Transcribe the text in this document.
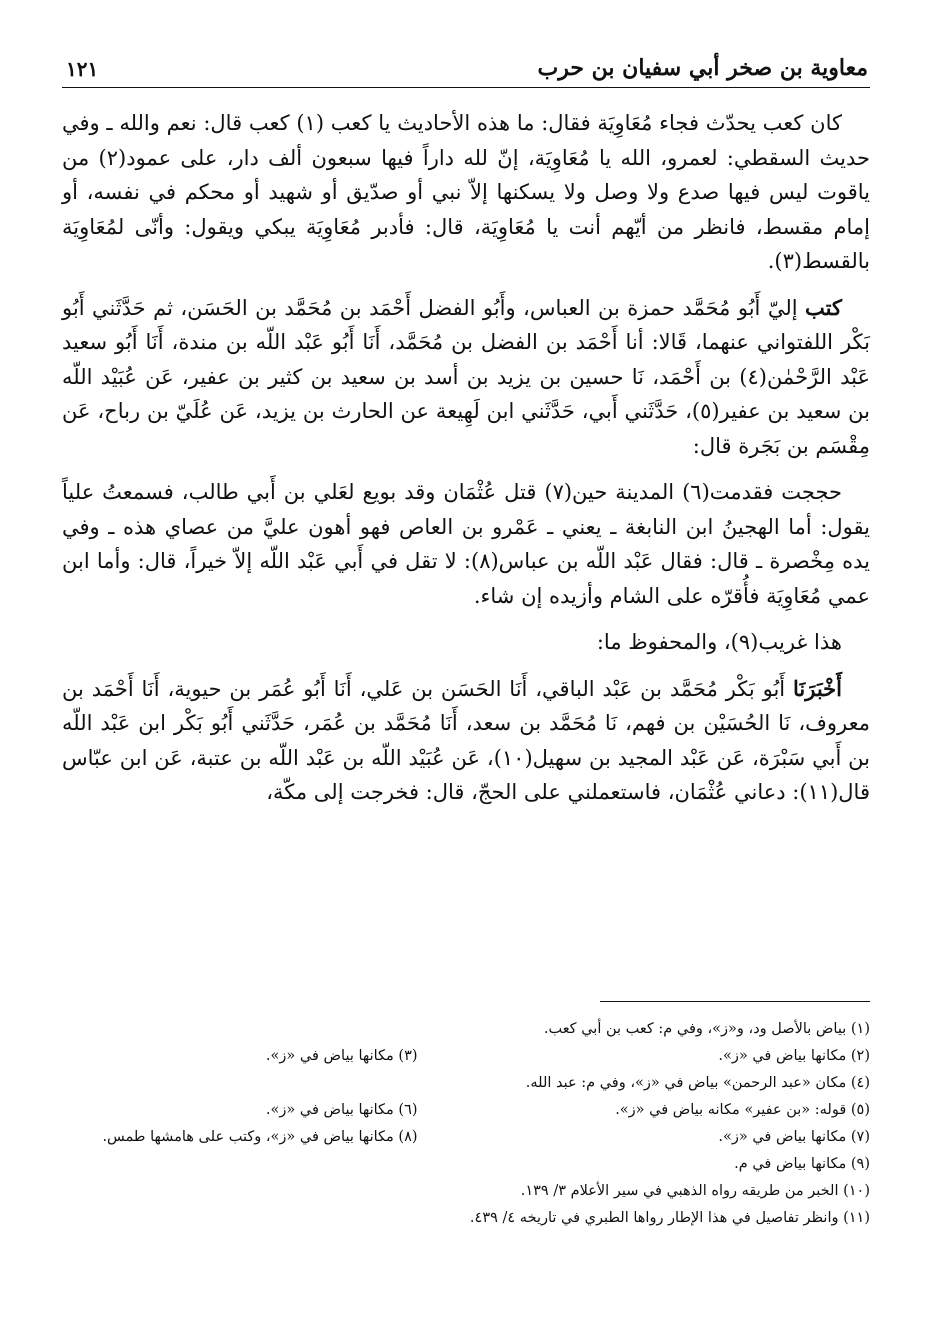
معاوية بن صخر أبي سفيان بن حرب
١٢١

كان كعب يحدّث فجاء مُعَاوِيَة فقال: ما هذه الأحاديث يا كعب (١) كعب قال: نعم والله ـ وفي حديث السقطي: لعمرو، الله يا مُعَاوِيَة، إنّ لله داراً فيها سبعون ألف دار، على عمود(٢) من ياقوت ليس فيها صدع ولا وصل ولا يسكنها إلاّ نبي أو صدّيق أو شهيد أو محكم في نفسه، أو إمام مقسط، فانظر من أيّهم أنت يا مُعَاوِيَة، قال: فأدبر مُعَاوِيَة يبكي ويقول: وأنّى لمُعَاوِيَة بالقسط(٣).

كتب إليّ أَبُو مُحَمَّد حمزة بن العباس، وأَبُو الفضل أَحْمَد بن مُحَمَّد بن الحَسَن، ثم حَدَّثَني أَبُو بَكْر اللفتواني عنهما، قَالا: أنا أَحْمَد بن الفضل بن مُحَمَّد، أَنَا أَبُو عَبْد اللّه بن مندة، أَنَا أَبُو سعيد عَبْد الرَّحْمٰن(٤) بن أَحْمَد، نَا حسين بن يزيد بن أسد بن سعيد بن كثير بن عفير، عَن عُبَيْد اللّه بن سعيد بن عفير(٥)، حَدَّثَني أَبي، حَدَّثَني ابن لَهِيعة عن الحارث بن يزيد، عَن عُلَيّ بن رباح، عَن مِقْسَم بن بَجَرة قال:

حججت فقدمت(٦) المدينة حين(٧) قتل عُثْمَان وقد بويع لعَلي بن أَبي طالب، فسمعتُ علياً يقول: أما الهجينُ ابن النابغة ـ يعني ـ عَمْرو بن العاص فهو أهون عليَّ من عصاي هذه ـ وفي يده مِخْصرة ـ قال: فقال عَبْد اللّه بن عباس(٨): لا تقل في أَبي عَبْد اللّه إلاّ خيراً، قال: وأما ابن عمي مُعَاوِيَة فأُقرّه على الشام وأزيده إن شاء.

هذا غريب(٩)، والمحفوظ ما:

أَخْبَرَنَا أَبُو بَكْر مُحَمَّد بن عَبْد الباقي، أَنَا الحَسَن بن عَلي، أَنَا أَبُو عُمَر بن حيوية، أَنَا أَحْمَد بن معروف، نَا الحُسَيْن بن فهم، نَا مُحَمَّد بن سعد، أَنَا مُحَمَّد بن عُمَر، حَدَّثَني أَبُو بَكْر ابن عَبْد اللّه بن أَبي سَبْرَة، عَن عَبْد المجيد بن سهيل(١٠)، عَن عُبَيْد اللّه بن عَبْد اللّه بن عتبة، عَن ابن عبّاس قال(١١): دعاني عُثْمَان، فاستعملني على الحجّ، قال: فخرجت إلى مكّة،

(١) بياض بالأصل ود، و«ز»، وفي م: كعب بن أبي كعب.
(٢) مكانها بياض في «ز».
(٣) مكانها بياض في «ز».
(٤) مكان «عبد الرحمن» بياض في «ز»، وفي م: عبد الله.
(٥) قوله: «بن عفير» مكانه بياض في «ز».
(٦) مكانها بياض في «ز».
(٧) مكانها بياض في «ز».
(٨) مكانها بياض في «ز»، وكتب على هامشها طمس.
(٩) مكانها بياض في م.
(١٠) الخبر من طريقه رواه الذهبي في سير الأعلام ٣/ ١٣٩.
(١١) وانظر تفاصيل في هذا الإطار رواها الطبري في تاريخه ٤/ ٤٣٩.
